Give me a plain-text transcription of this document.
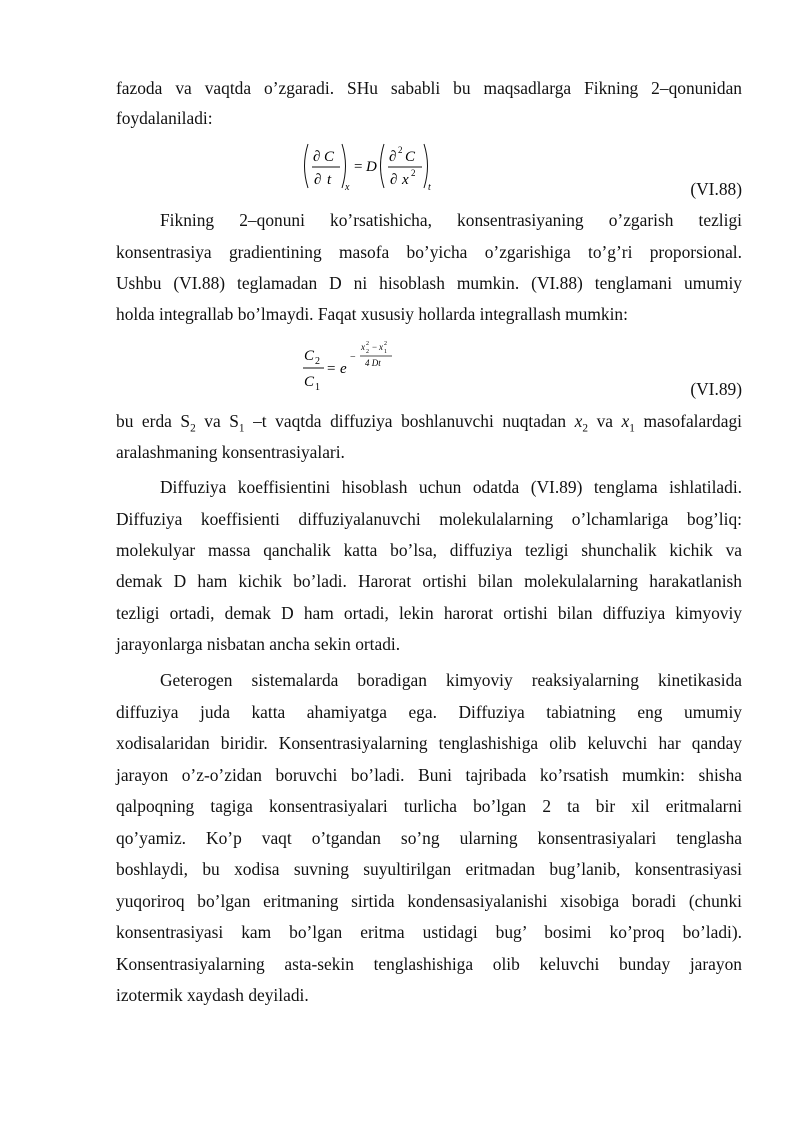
fazoda va vaqtda o’zgaradi. SHu sababli bu maqsadlarga Fikning 2–qonunidan
foydalaniladi:
∂ C
∂ t x
= D
∂ 2 C
∂ x 2
t	(VI.88)
Fikning 2–qonuni ko’rsatishicha, konsentrasiyaning o’zgarish tezligi
konsentrasiya gradientining masofa bo’yicha o’zgarishiga to’g’ri proporsional.
Ushbu (VI.88) teglamadan D ni hisoblash mumkin. (VI.88) tenglamani umumiy
holda integrallab bo’lmaydi. Faqat xususiy hollarda integrallash mumkin:
C 2
C 1
= e
−
x 2
2 − x 2
1
4 Dt
(VI.89)
bu erda $S_2$ va $S_1$ –t vaqtda diffuziya boshlanuvchi nuqtadan $x_2$ va $x_1$ masofalardagi
aralashmaning konsentrasiyalari.
Diffuziya koeffisientini hisoblash uchun odatda (VI.89) tenglama ishlatiladi.
Diffuziya koeffisienti diffuziyalanuvchi molekulalarning o’lchamlariga bog’liq:
molekulyar massa qanchalik katta bo’lsa, diffuziya tezligi shunchalik kichik va
demak D ham kichik bo’ladi. Harorat ortishi bilan molekulalarning harakatlanish
tezligi ortadi, demak D ham ortadi, lekin harorat ortishi bilan diffuziya kimyoviy
jarayonlarga nisbatan ancha sekin ortadi.
Geterogen sistemalarda boradigan kimyoviy reaksiyalarning kinetikasida
diffuziya juda katta ahamiyatga ega. Diffuziya tabiatning eng umumiy
xodisalaridan biridir. Konsentrasiyalarning tenglashishiga olib keluvchi har qanday
jarayon o’z-o’zidan boruvchi bo’ladi. Buni tajribada ko’rsatish mumkin: shisha
qalpoqning tagiga konsentrasiyalari turlicha bo’lgan 2 ta bir xil eritmalarni
qo’yamiz. Ko’p vaqt o’tgandan so’ng ularning konsentrasiyalari tenglasha
boshlaydi, bu xodisa suvning suyultirilgan eritmadan bug’lanib, konsentrasiyasi
yuqoriroq bo’lgan eritmaning sirtida kondensasiyalanishi xisobiga boradi (chunki
konsentrasiyasi kam bo’lgan eritma ustidagi bug’ bosimi ko’proq bo’ladi).
Konsentrasiyalarning asta-sekin tenglashishiga olib keluvchi bunday jarayon
izotermik xaydash deyiladi.
